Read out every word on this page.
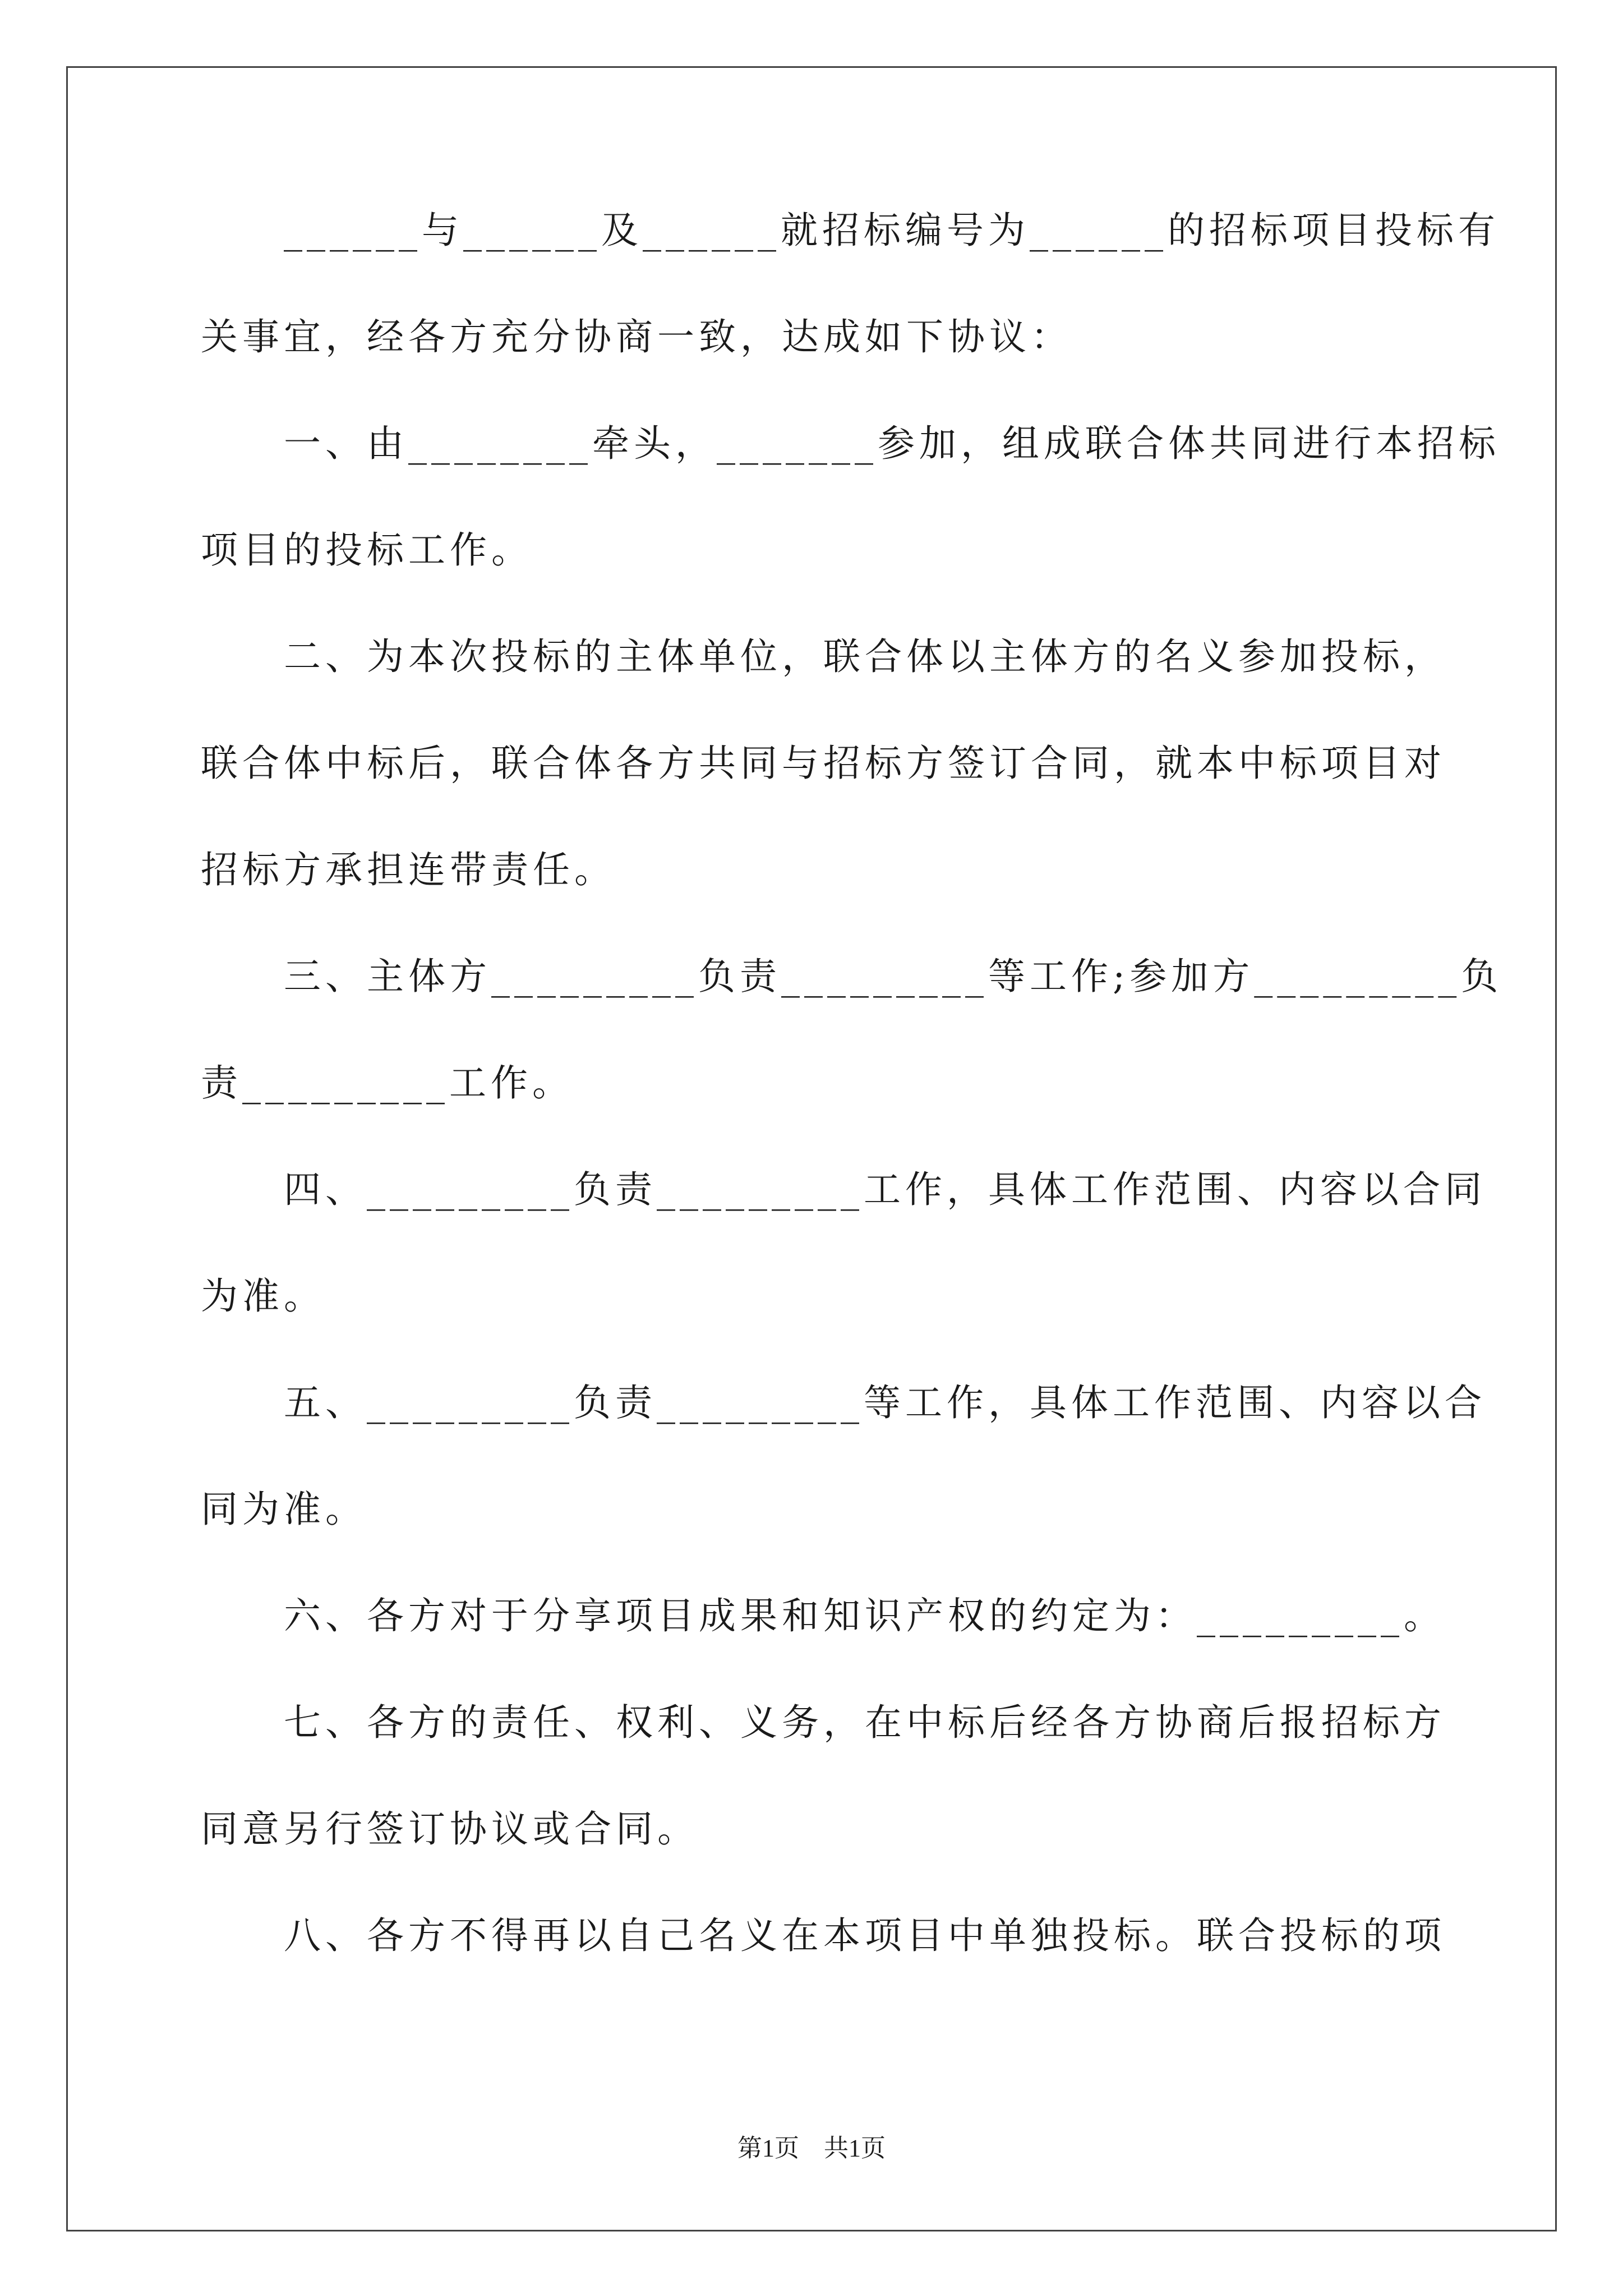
______与______及______就招标编号为______的招标项目投标有
关事宜，经各方充分协商一致，达成如下协议：
一、由________牵头，_______参加，组成联合体共同进行本招标
项目的投标工作。
二、为本次投标的主体单位，联合体以主体方的名义参加投标，
联合体中标后，联合体各方共同与招标方签订合同，就本中标项目对
招标方承担连带责任。
三、主体方_________负责_________等工作;参加方_________负
责_________工作。
四、_________负责_________工作，具体工作范围、内容以合同
为准。
五、_________负责_________等工作，具体工作范围、内容以合
同为准。
六、各方对于分享项目成果和知识产权的约定为：_________。
七、各方的责任、权利、义务，在中标后经各方协商后报招标方
同意另行签订协议或合同。
八、各方不得再以自己名义在本项目中单独投标。联合投标的项
第1页　共1页
